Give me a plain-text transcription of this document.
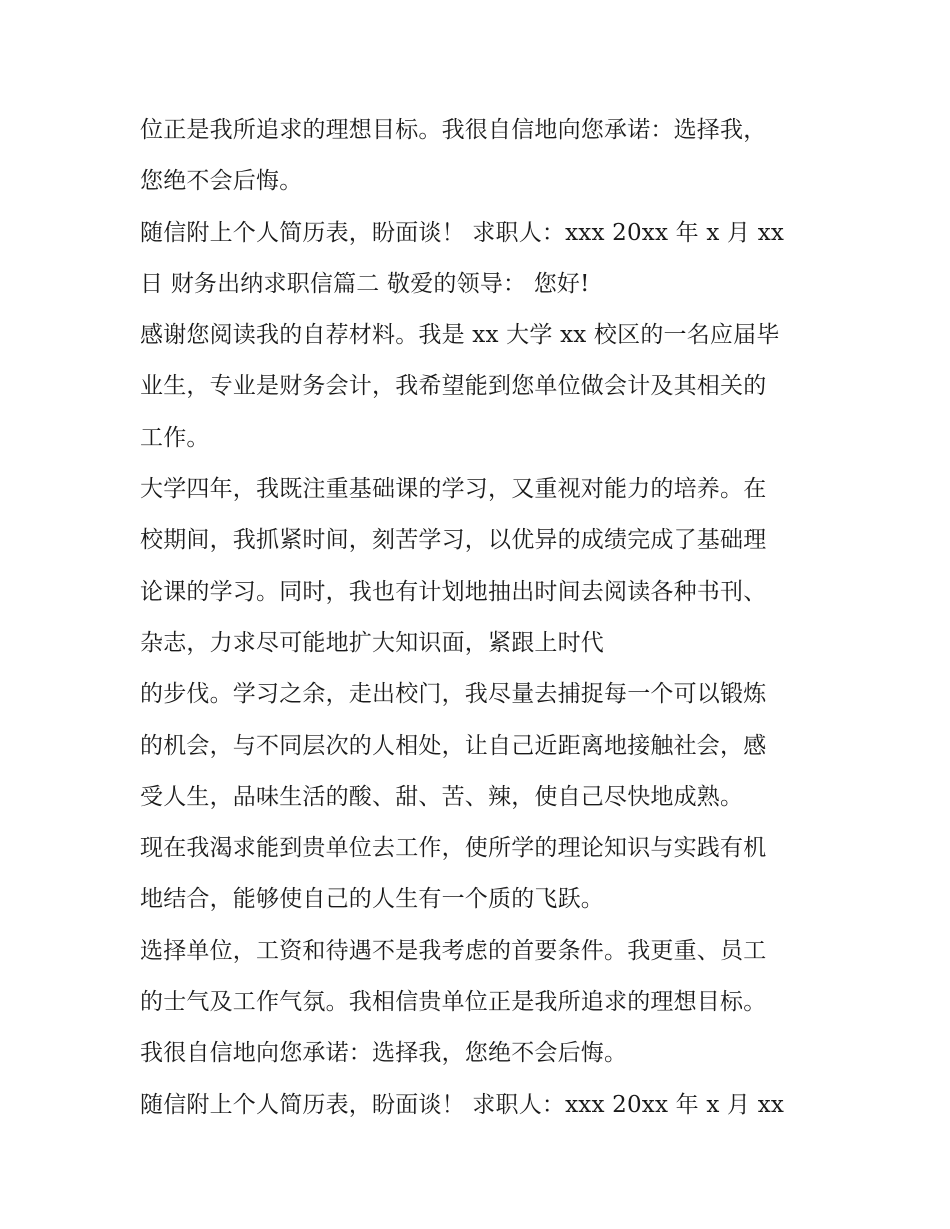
位正是我所追求的理想目标。我很自信地向您承诺：选择我，
您绝不会后悔。
随信附上个人简历表，盼面谈！ 求职人：xxx 20xx 年 x 月 xx
日 财务出纳求职信篇二 敬爱的领导： 您好!
感谢您阅读我的自荐材料。我是 xx 大学 xx 校区的一名应届毕
业生，专业是财务会计，我希望能到您单位做会计及其相关的
工作。
大学四年，我既注重基础课的学习，又重视对能力的培养。在
校期间，我抓紧时间，刻苦学习，以优异的成绩完成了基础理
论课的学习。同时，我也有计划地抽出时间去阅读各种书刊、
杂志，力求尽可能地扩大知识面，紧跟上时代
的步伐。学习之余，走出校门，我尽量去捕捉每一个可以锻炼
的机会，与不同层次的人相处，让自己近距离地接触社会，感
受人生，品味生活的酸、甜、苦、辣，使自己尽快地成熟。
现在我渴求能到贵单位去工作，使所学的理论知识与实践有机
地结合，能够使自己的人生有一个质的飞跃。
选择单位，工资和待遇不是我考虑的首要条件。我更重、员工
的士气及工作气氛。我相信贵单位正是我所追求的理想目标。
我很自信地向您承诺：选择我，您绝不会后悔。
随信附上个人简历表，盼面谈！ 求职人：xxx 20xx 年 x 月 xx
